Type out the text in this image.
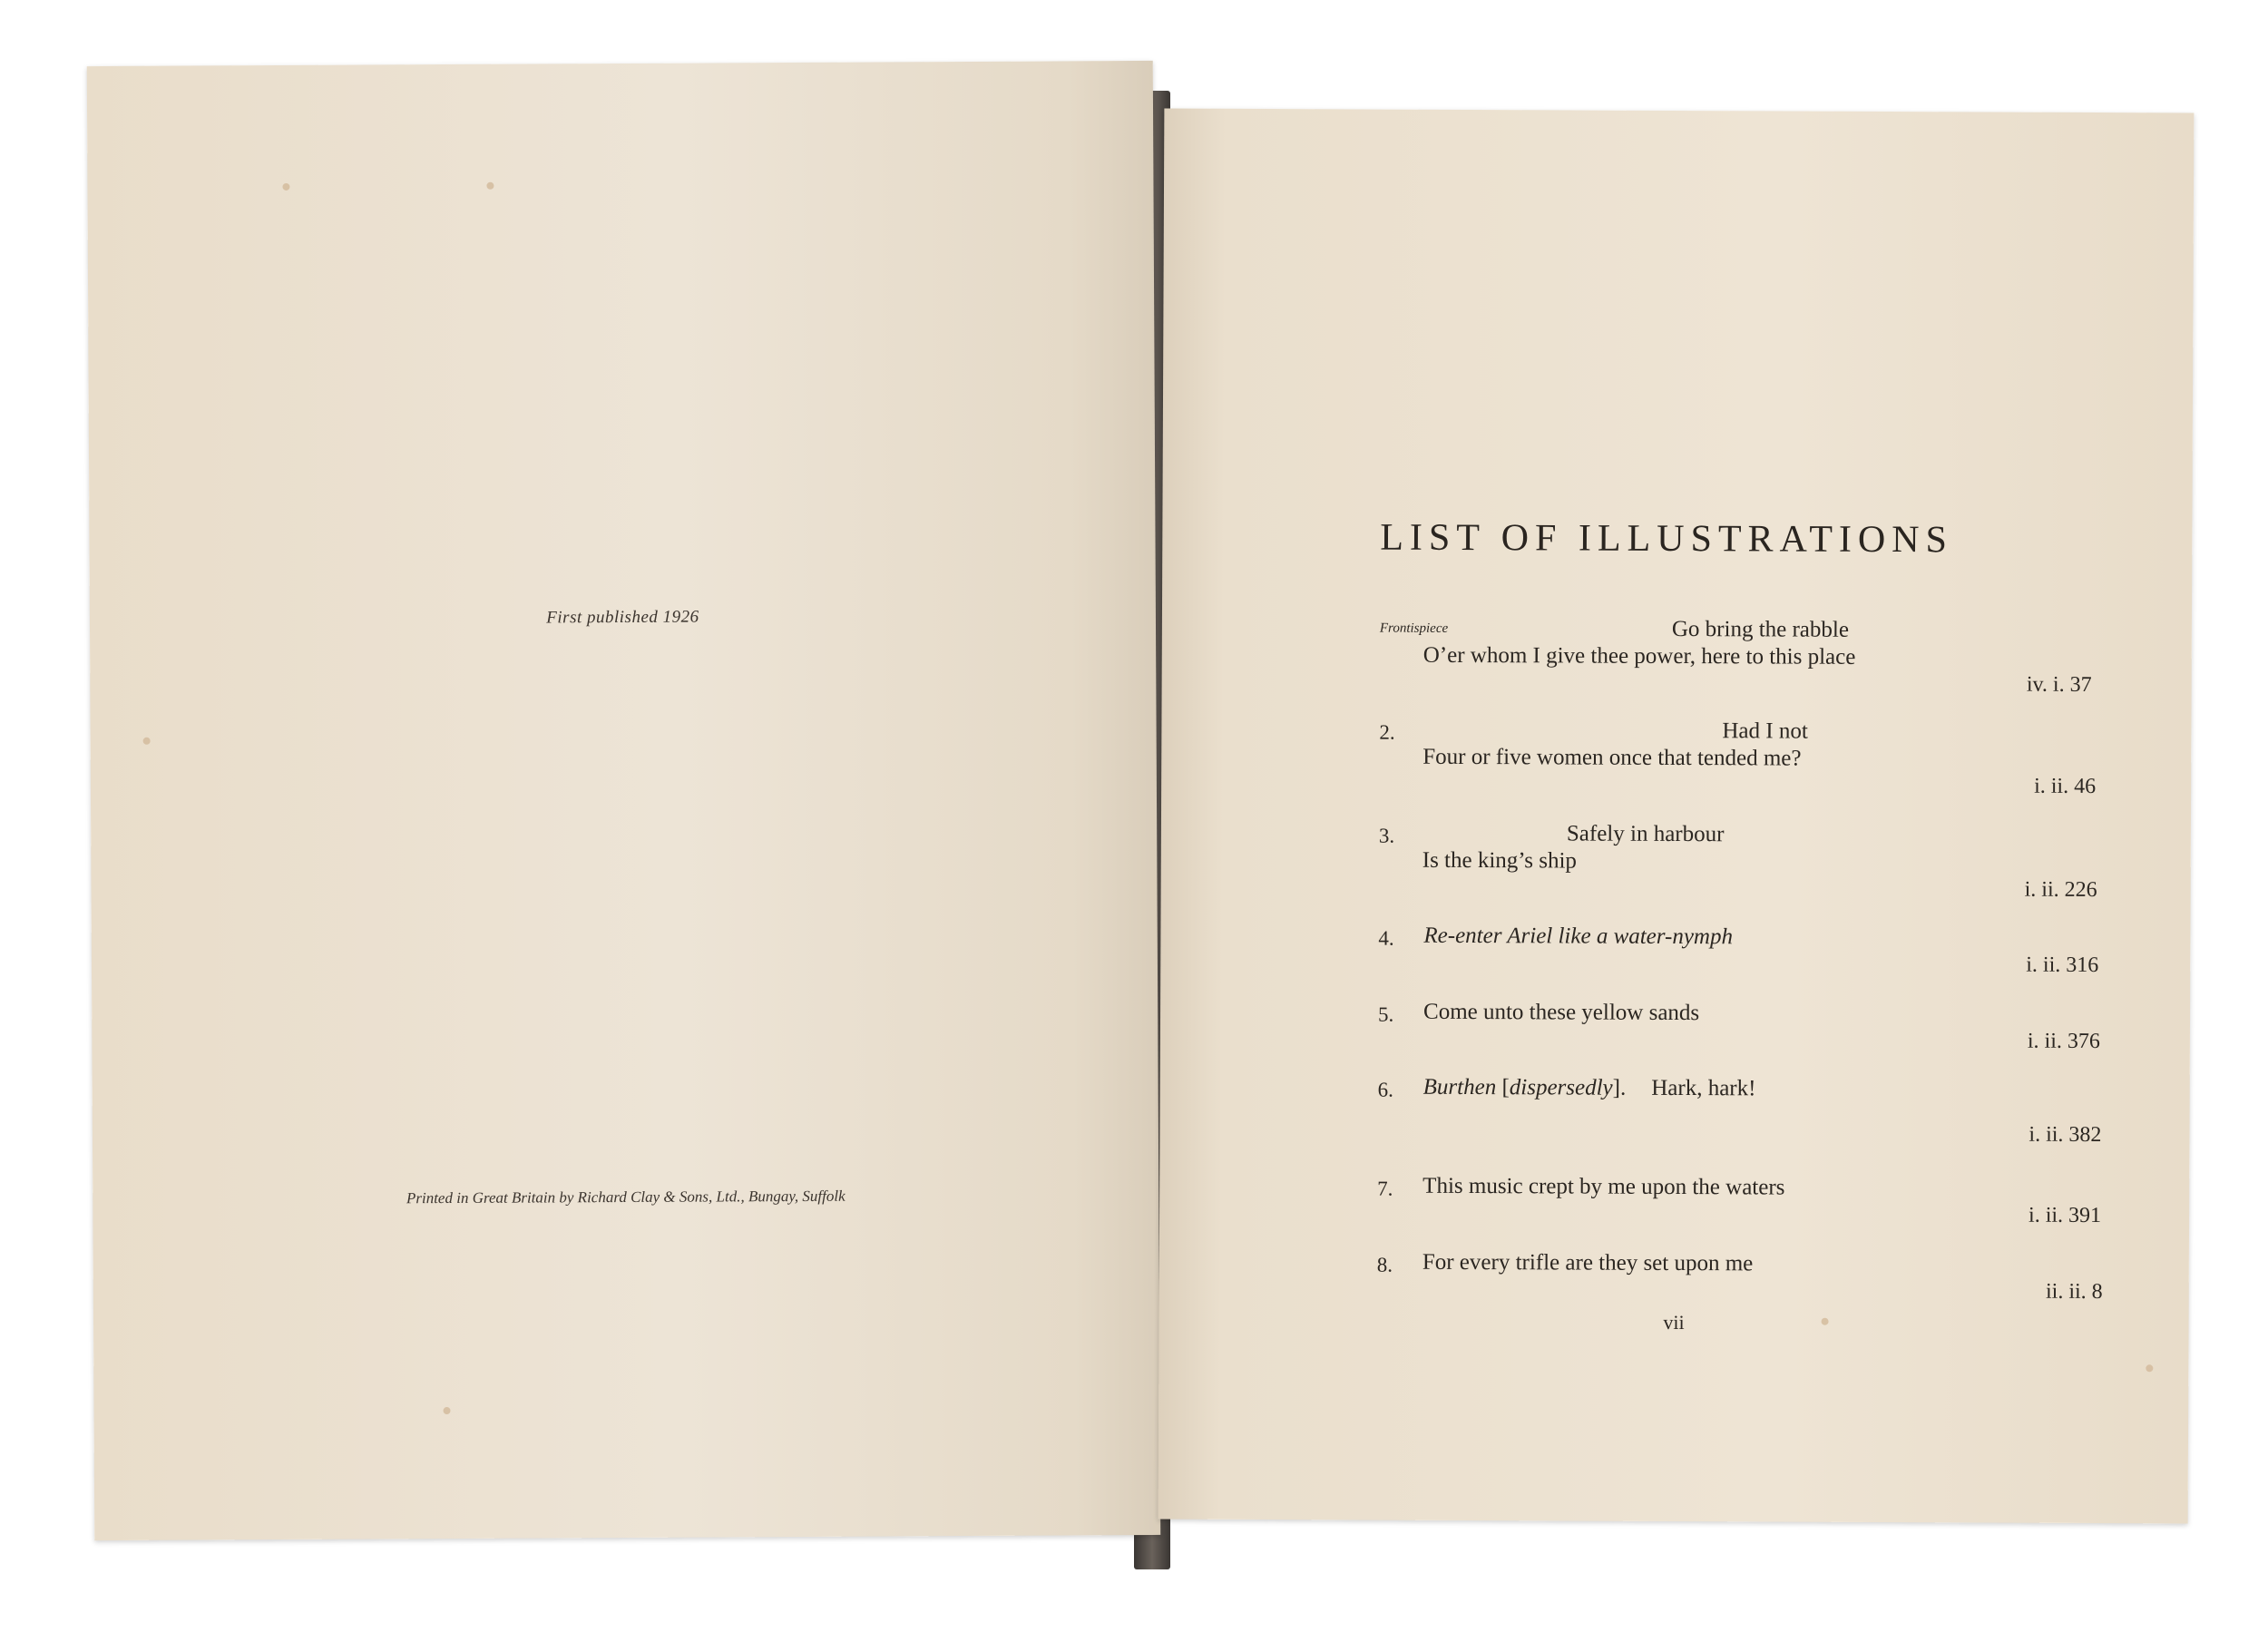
First published 1926
Printed in Great Britain by Richard Clay & Sons, Ltd., Bungay, Suffolk
LIST OF ILLUSTRATIONS
Frontispiece	Go bring the rabble
O’er whom I give thee power, here to this place
iv. i. 37
2.	Had I not
Four or five women once that tended me?
i. ii. 46
3.	Safely in harbour
Is the king’s ship
i. ii. 226
4. Re-enter Ariel like a water-nymph
i. ii. 316
5. Come unto these yellow sands
i. ii. 376
6. Burthen [dispersedly]. Hark, hark!
i. ii. 382
7. This music crept by me upon the waters
i. ii. 391
8. For every trifle are they set upon me
ii. ii. 8
vii
